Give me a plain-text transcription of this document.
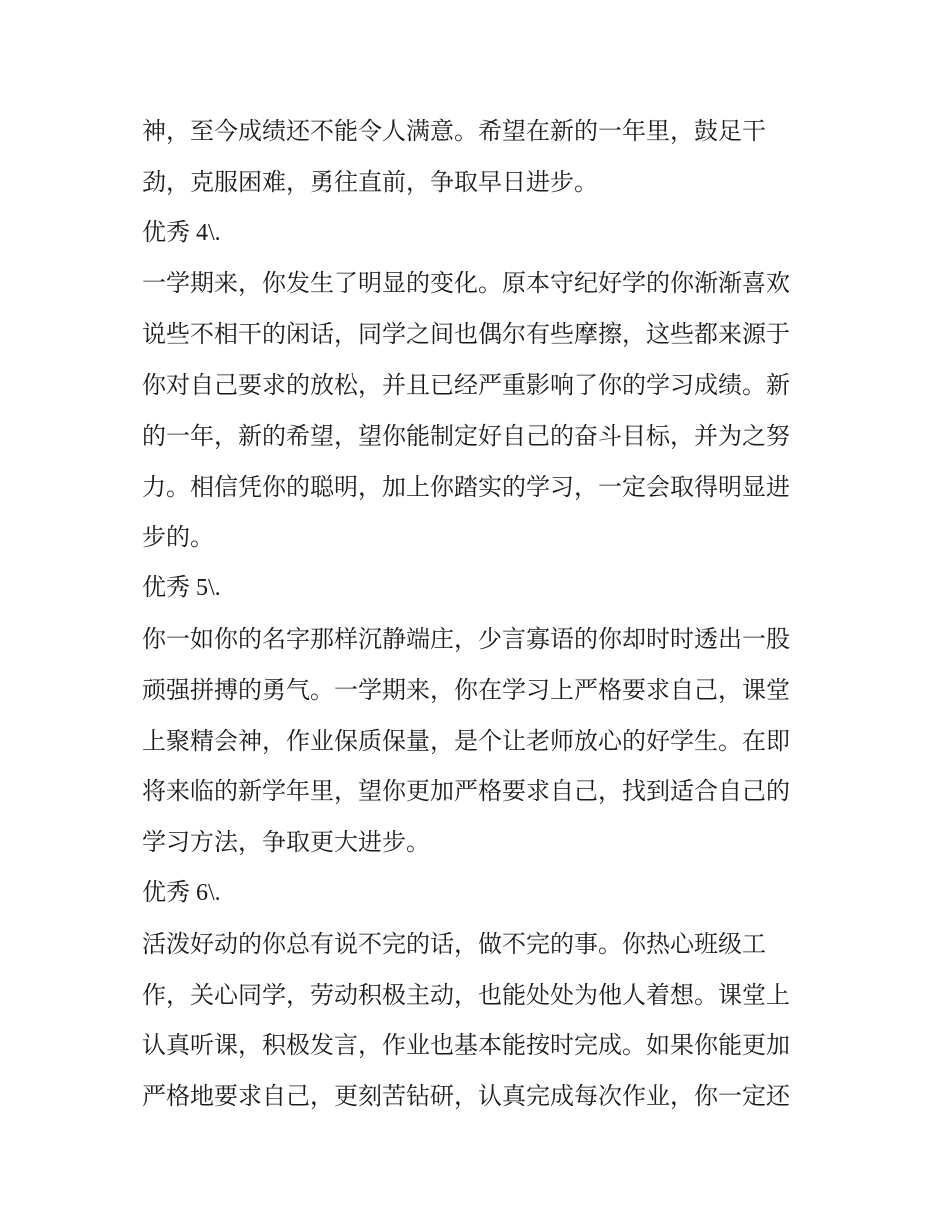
神，至今成绩还不能令人满意。希望在新的一年里，鼓足干
劲，克服困难，勇往直前，争取早日进步。
优秀 4\.
一学期来，你发生了明显的变化。原本守纪好学的你渐渐喜欢
说些不相干的闲话，同学之间也偶尔有些摩擦，这些都来源于
你对自己要求的放松，并且已经严重影响了你的学习成绩。新
的一年，新的希望，望你能制定好自己的奋斗目标，并为之努
力。相信凭你的聪明，加上你踏实的学习，一定会取得明显进
步的。
优秀 5\.
你一如你的名字那样沉静端庄，少言寡语的你却时时透出一股
顽强拼搏的勇气。一学期来，你在学习上严格要求自己，课堂
上聚精会神，作业保质保量，是个让老师放心的好学生。在即
将来临的新学年里，望你更加严格要求自己，找到适合自己的
学习方法，争取更大进步。
优秀 6\.
活泼好动的你总有说不完的话，做不完的事。你热心班级工
作，关心同学，劳动积极主动，也能处处为他人着想。课堂上
认真听课，积极发言，作业也基本能按时完成。如果你能更加
严格地要求自己，更刻苦钻研，认真完成每次作业，你一定还
